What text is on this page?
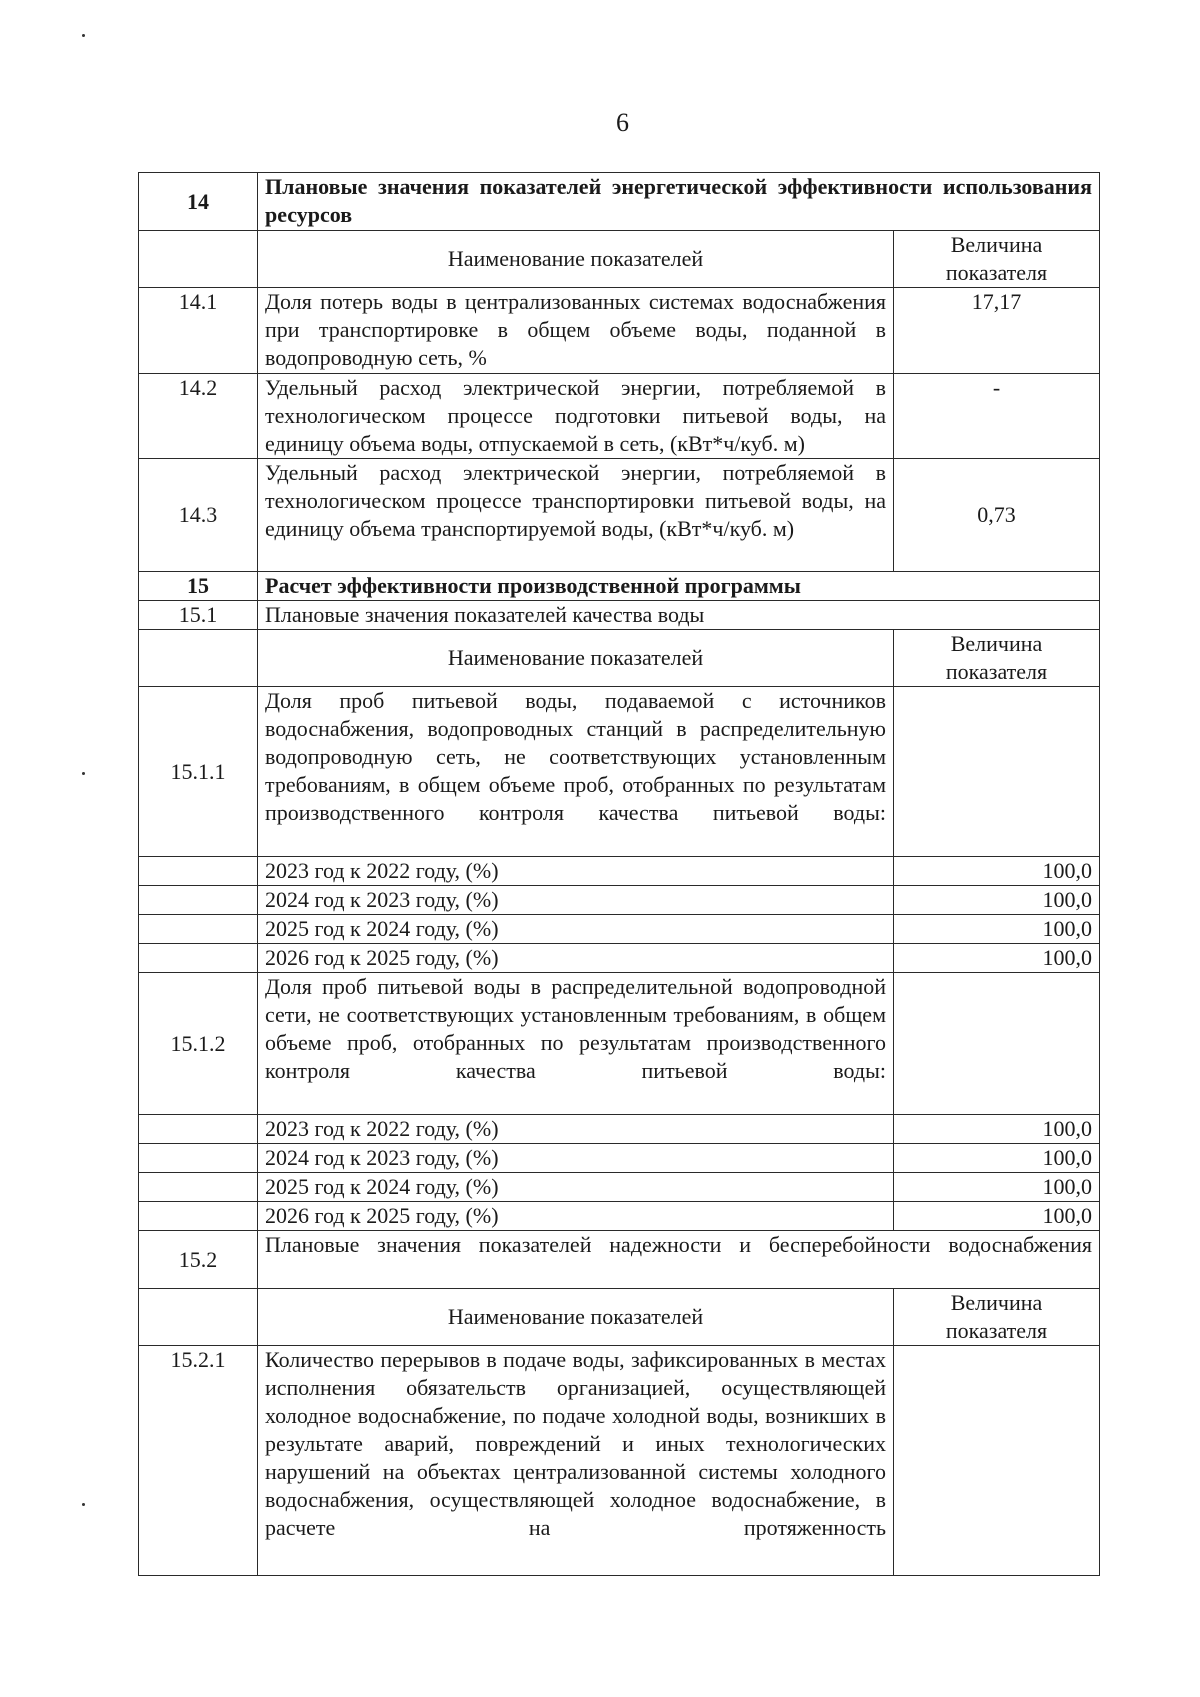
6
14	Плановые значения показателей энергетической эффективности использования ресурсов	
	Наименование показателей	Величина показателя
14.1	Доля потерь воды в централизованных системах водоснабжения при транспортировке в общем объеме воды, поданной в водопроводную сеть, %	17,17
14.2	Удельный расход электрической энергии, потребляемой в технологическом процессе подготовки питьевой воды, на единицу объема воды, отпускаемой в сеть, (кВт*ч/куб. м)	-
14.3	Удельный расход электрической энергии, потребляемой в технологическом процессе транспортировки питьевой воды, на единицу объема транспортируемой воды, (кВт*ч/куб. м)	0,73
15	Расчет эффективности производственной программы	
15.1	Плановые значения показателей качества воды	
	Наименование показателей	Величина показателя
15.1.1	Доля проб питьевой воды, подаваемой с источников водоснабжения, водопроводных станций в распределительную водопроводную сеть, не соответствующих установленным требованиям, в общем объеме проб, отобранных по результатам производственного контроля качества питьевой воды:	
	2023 год к 2022 году, (%)	100,0
	2024 год к 2023 году, (%)	100,0
	2025 год к 2024 году, (%)	100,0
	2026 год к 2025 году, (%)	100,0
15.1.2	Доля проб питьевой воды в распределительной водопроводной сети, не соответствующих установленным требованиям, в общем объеме проб, отобранных по результатам производственного контроля качества питьевой воды:	
	2023 год к 2022 году, (%)	100,0
	2024 год к 2023 году, (%)	100,0
	2025 год к 2024 году, (%)	100,0
	2026 год к 2025 году, (%)	100,0
15.2	Плановые значения показателей надежности и бесперебойности водоснабжения	
	Наименование показателей	Величина показателя
15.2.1	Количество перерывов в подаче воды, зафиксированных в местах исполнения обязательств организацией, осуществляющей холодное водоснабжение, по подаче холодной воды, возникших в результате аварий, повреждений и иных технологических нарушений на объектах централизованной системы холодного водоснабжения, осуществляющей холодное водоснабжение, в расчете на протяженность	
